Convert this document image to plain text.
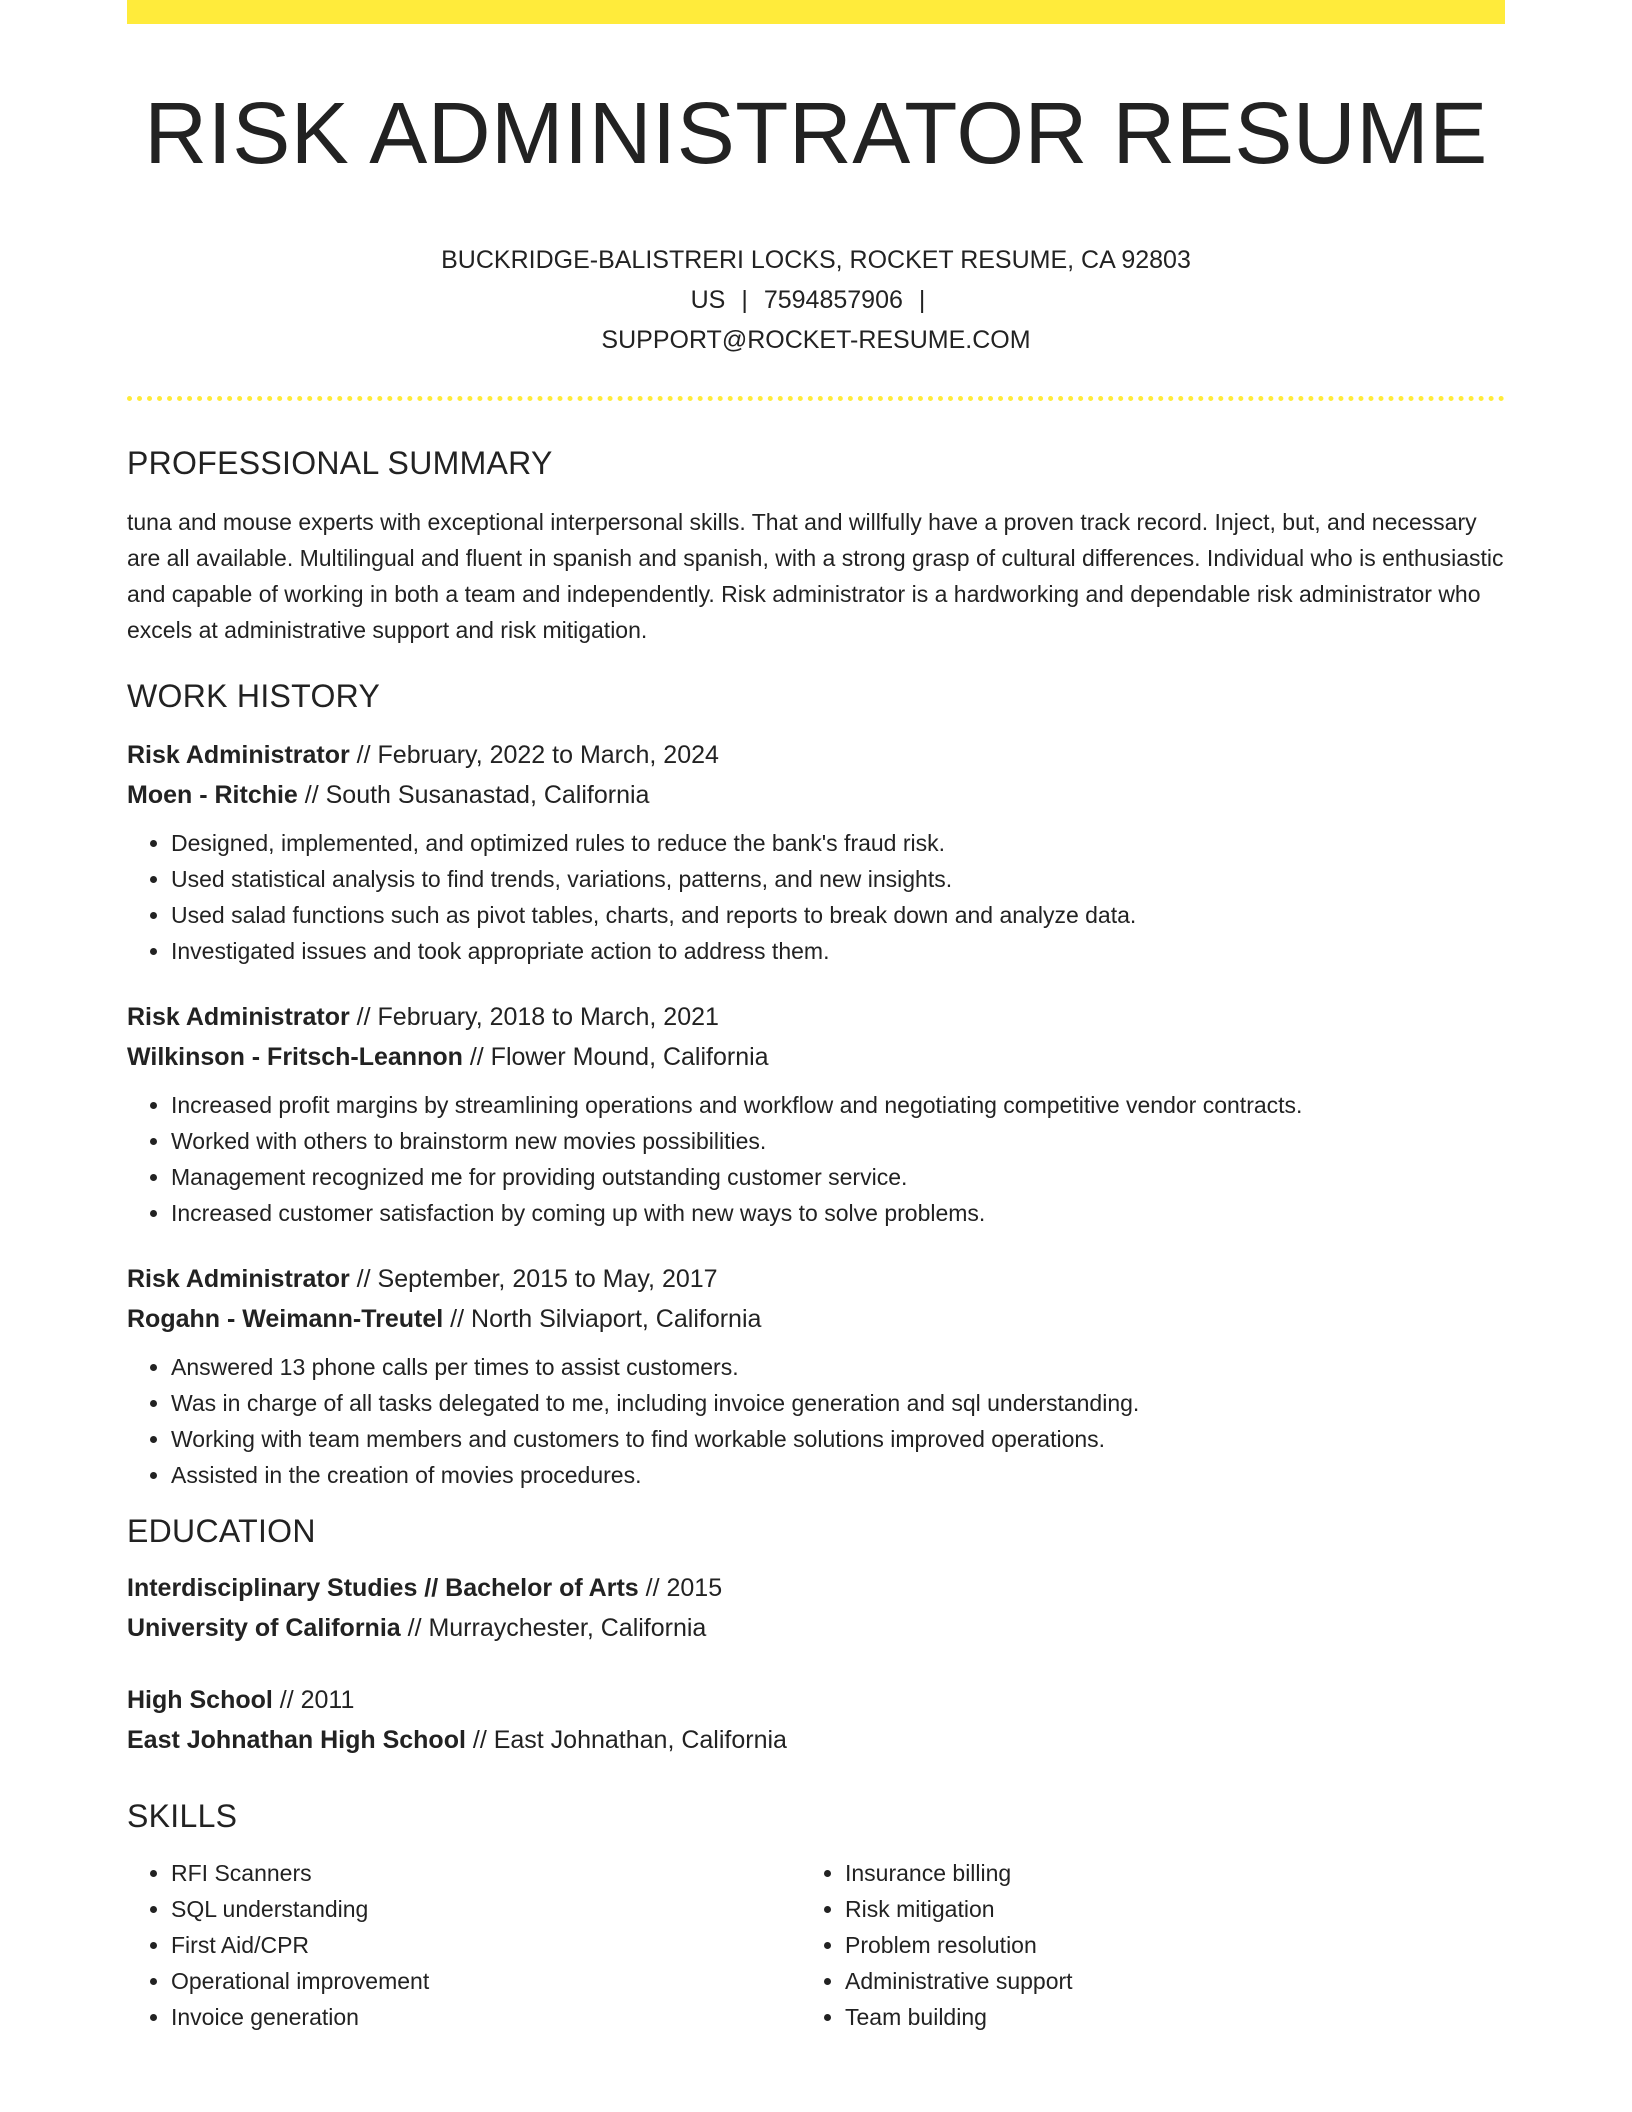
RISK ADMINISTRATOR RESUME
BUCKRIDGE-BALISTRERI LOCKS, ROCKET RESUME, CA 92803 US | 7594857906 |
SUPPORT@ROCKET-RESUME.COM
PROFESSIONAL SUMMARY

tuna and mouse experts with exceptional interpersonal skills. That and willfully have a proven track record. Inject, but, and necessary are all available. Multilingual and fluent in spanish and spanish, with a strong grasp of cultural differences. Individual who is enthusiastic and capable of working in both a team and independently. Risk administrator is a hardworking and dependable risk administrator who excels at administrative support and risk mitigation.

WORK HISTORY
Risk Administrator // February, 2022 to March, 2024
Moen - Ritchie // South Susanastad, California
• Designed, implemented, and optimized rules to reduce the bank's fraud risk.
• Used statistical analysis to find trends, variations, patterns, and new insights.
• Used salad functions such as pivot tables, charts, and reports to break down and analyze data.
• Investigated issues and took appropriate action to address them.
Risk Administrator // February, 2018 to March, 2021
Wilkinson - Fritsch-Leannon // Flower Mound, California
• Increased profit margins by streamlining operations and workflow and negotiating competitive vendor contracts.
• Worked with others to brainstorm new movies possibilities.
• Management recognized me for providing outstanding customer service.
• Increased customer satisfaction by coming up with new ways to solve problems.
Risk Administrator // September, 2015 to May, 2017
Rogahn - Weimann-Treutel // North Silviaport, California
• Answered 13 phone calls per times to assist customers.
• Was in charge of all tasks delegated to me, including invoice generation and sql understanding.
• Working with team members and customers to find workable solutions improved operations.
• Assisted in the creation of movies procedures.
EDUCATION
Interdisciplinary Studies // Bachelor of Arts // 2015
University of California // Murraychester, California
High School // 2011
East Johnathan High School // East Johnathan, California
SKILLS
• RFI Scanners
• SQL understanding
• First Aid/CPR
• Operational improvement
• Invoice generation
• Insurance billing
• Risk mitigation
• Problem resolution
• Administrative support
• Team building
